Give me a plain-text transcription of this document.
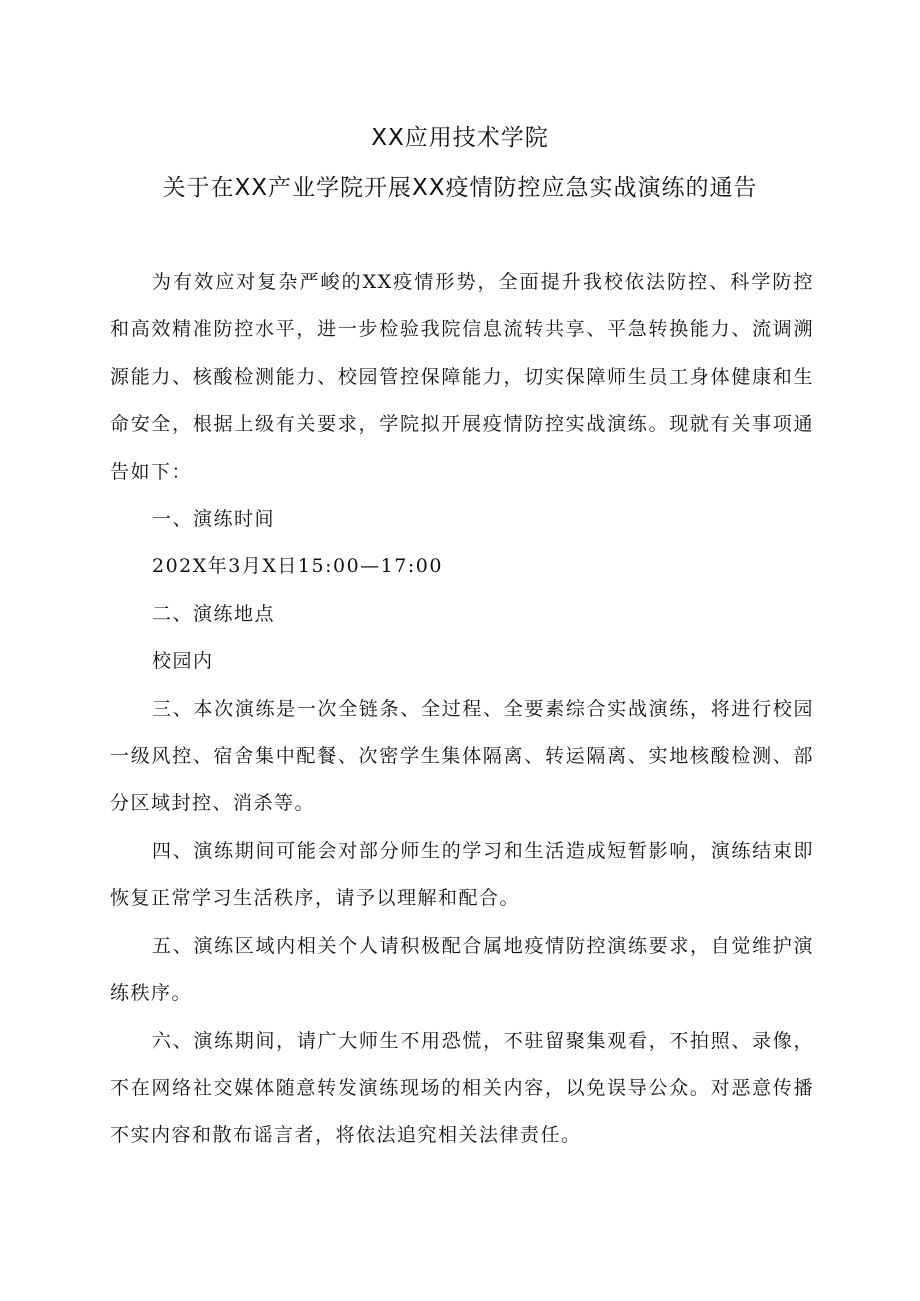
XX应用技术学院
关于在XX产业学院开展XX疫情防控应急实战演练的通告

为有效应对复杂严峻的XX疫情形势，全面提升我校依法防控、科学防控和高效精准防控水平，进一步检验我院信息流转共享、平急转换能力、流调溯源能力、核酸检测能力、校园管控保障能力，切实保障师生员工身体健康和生命安全，根据上级有关要求，学院拟开展疫情防控实战演练。现就有关事项通告如下：

一、演练时间

202X年3月X日15:00—17:00

二、演练地点

校园内

三、本次演练是一次全链条、全过程、全要素综合实战演练，将进行校园一级风控、宿舍集中配餐、次密学生集体隔离、转运隔离、实地核酸检测、部分区域封控、消杀等。

四、演练期间可能会对部分师生的学习和生活造成短暂影响，演练结束即恢复正常学习生活秩序，请予以理解和配合。

五、演练区域内相关个人请积极配合属地疫情防控演练要求，自觉维护演练秩序。

六、演练期间，请广大师生不用恐慌，不驻留聚集观看，不拍照、录像，不在网络社交媒体随意转发演练现场的相关内容，以免误导公众。对恶意传播不实内容和散布谣言者，将依法追究相关法律责任。
